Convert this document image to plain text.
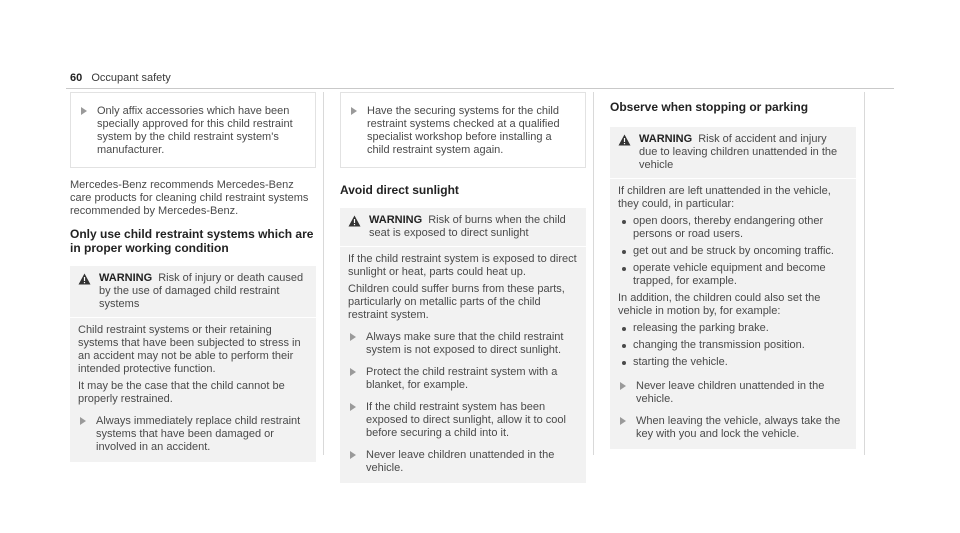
60 Occupant safety
Only affix accessories which have been specially approved for this child restraint system by the child restraint system's manufacturer.

Mercedes-Benz recommends Mercedes-Benz care products for cleaning child restraint systems recommended by Mercedes-Benz.

Only use child restraint systems which are in proper working condition

WARNING Risk of injury or death caused by the use of damaged child restraint systems

Child restraint systems or their retaining systems that have been subjected to stress in an accident may not be able to perform their intended protective function.

It may be the case that the child cannot be properly restrained.

Always immediately replace child restraint systems that have been damaged or involved in an accident.
Have the securing systems for the child restraint systems checked at a qualified specialist workshop before installing a child restraint system again.

Avoid direct sunlight

WARNING Risk of burns when the child seat is exposed to direct sunlight

If the child restraint system is exposed to direct sunlight or heat, parts could heat up.

Children could suffer burns from these parts, particularly on metallic parts of the child restraint system.

Always make sure that the child restraint system is not exposed to direct sunlight.
Protect the child restraint system with a blanket, for example.
If the child restraint system has been exposed to direct sunlight, allow it to cool before securing a child into it.
Never leave children unattended in the vehicle.

Observe when stopping or parking

WARNING Risk of accident and injury due to leaving children unattended in the vehicle

If children are left unattended in the vehicle, they could, in particular:

open doors, thereby endangering other persons or road users.
get out and be struck by oncoming traffic.
operate vehicle equipment and become trapped, for example.

In addition, the children could also set the vehicle in motion by, for example:

releasing the parking brake.
changing the transmission position.
starting the vehicle.
Never leave children unattended in the vehicle.
When leaving the vehicle, always take the key with you and lock the vehicle.
